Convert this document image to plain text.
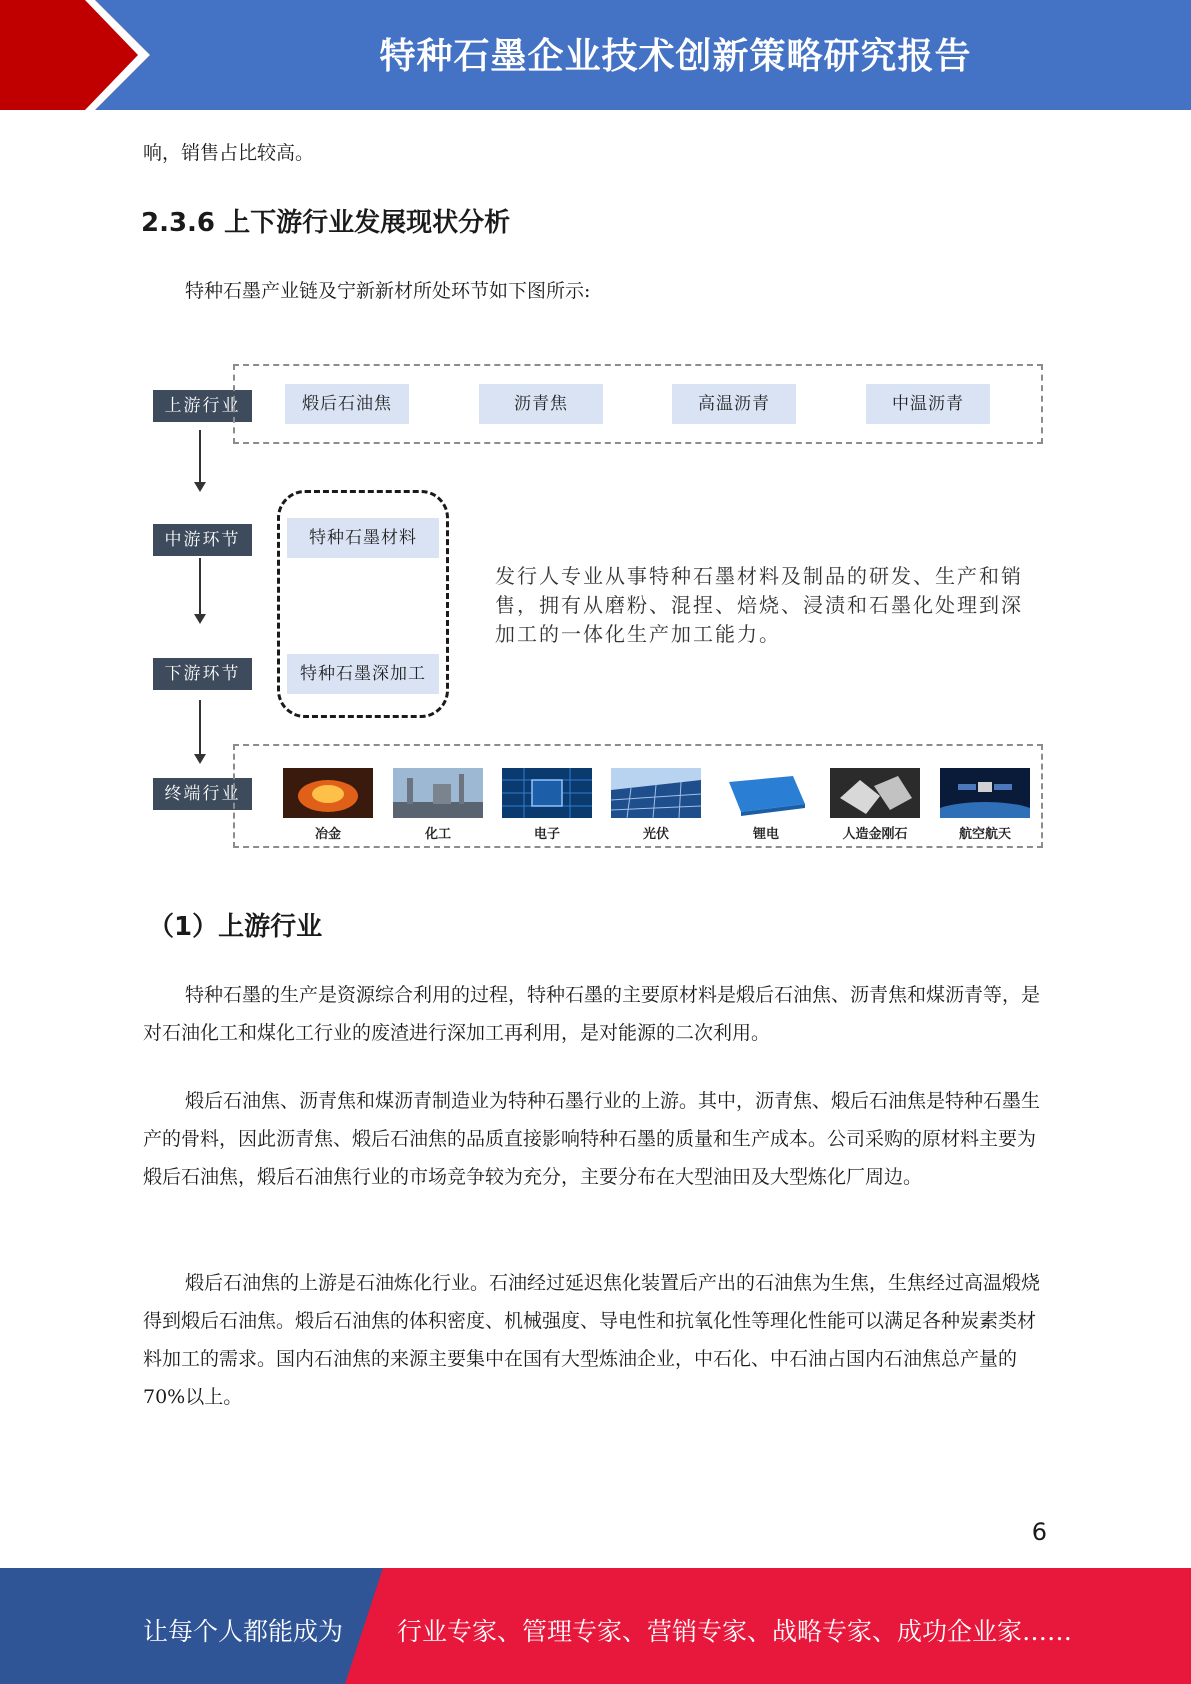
特种石墨企业技术创新策略研究报告
响，销售占比较高。
2.3.6 上下游行业发展现状分析
特种石墨产业链及宁新新材所处环节如下图所示:
上游行业	煅后石油焦	沥青焦	高温沥青	中温沥青
中游环节	特种石墨材料
下游环节	特种石墨深加工
发行人专业从事特种石墨材料及制品的研发、生产和销售，拥有从磨粉、混捏、焙烧、浸渍和石墨化处理到深加工的一体化生产加工能力。
终端行业
冶金	化工	电子	光伏	锂电	人造金刚石	航空航天
（1）上游行业
特种石墨的生产是资源综合利用的过程，特种石墨的主要原材料是煅后石油焦、沥青焦和煤沥青等，是对石油化工和煤化工行业的废渣进行深加工再利用，是对能源的二次利用。
煅后石油焦、沥青焦和煤沥青制造业为特种石墨行业的上游。其中，沥青焦、煅后石油焦是特种石墨生产的骨料，因此沥青焦、煅后石油焦的品质直接影响特种石墨的质量和生产成本。公司采购的原材料主要为煅后石油焦，煅后石油焦行业的市场竞争较为充分，主要分布在大型油田及大型炼化厂周边。
煅后石油焦的上游是石油炼化行业。石油经过延迟焦化装置后产出的石油焦为生焦，生焦经过高温煅烧得到煅后石油焦。煅后石油焦的体积密度、机械强度、导电性和抗氧化性等理化性能可以满足各种炭素类材料加工的需求。国内石油焦的来源主要集中在国有大型炼油企业，中石化、中石油占国内石油焦总产量的 70%以上。
6
让每个人都能成为 行业专家、管理专家、营销专家、战略专家、成功企业家……
